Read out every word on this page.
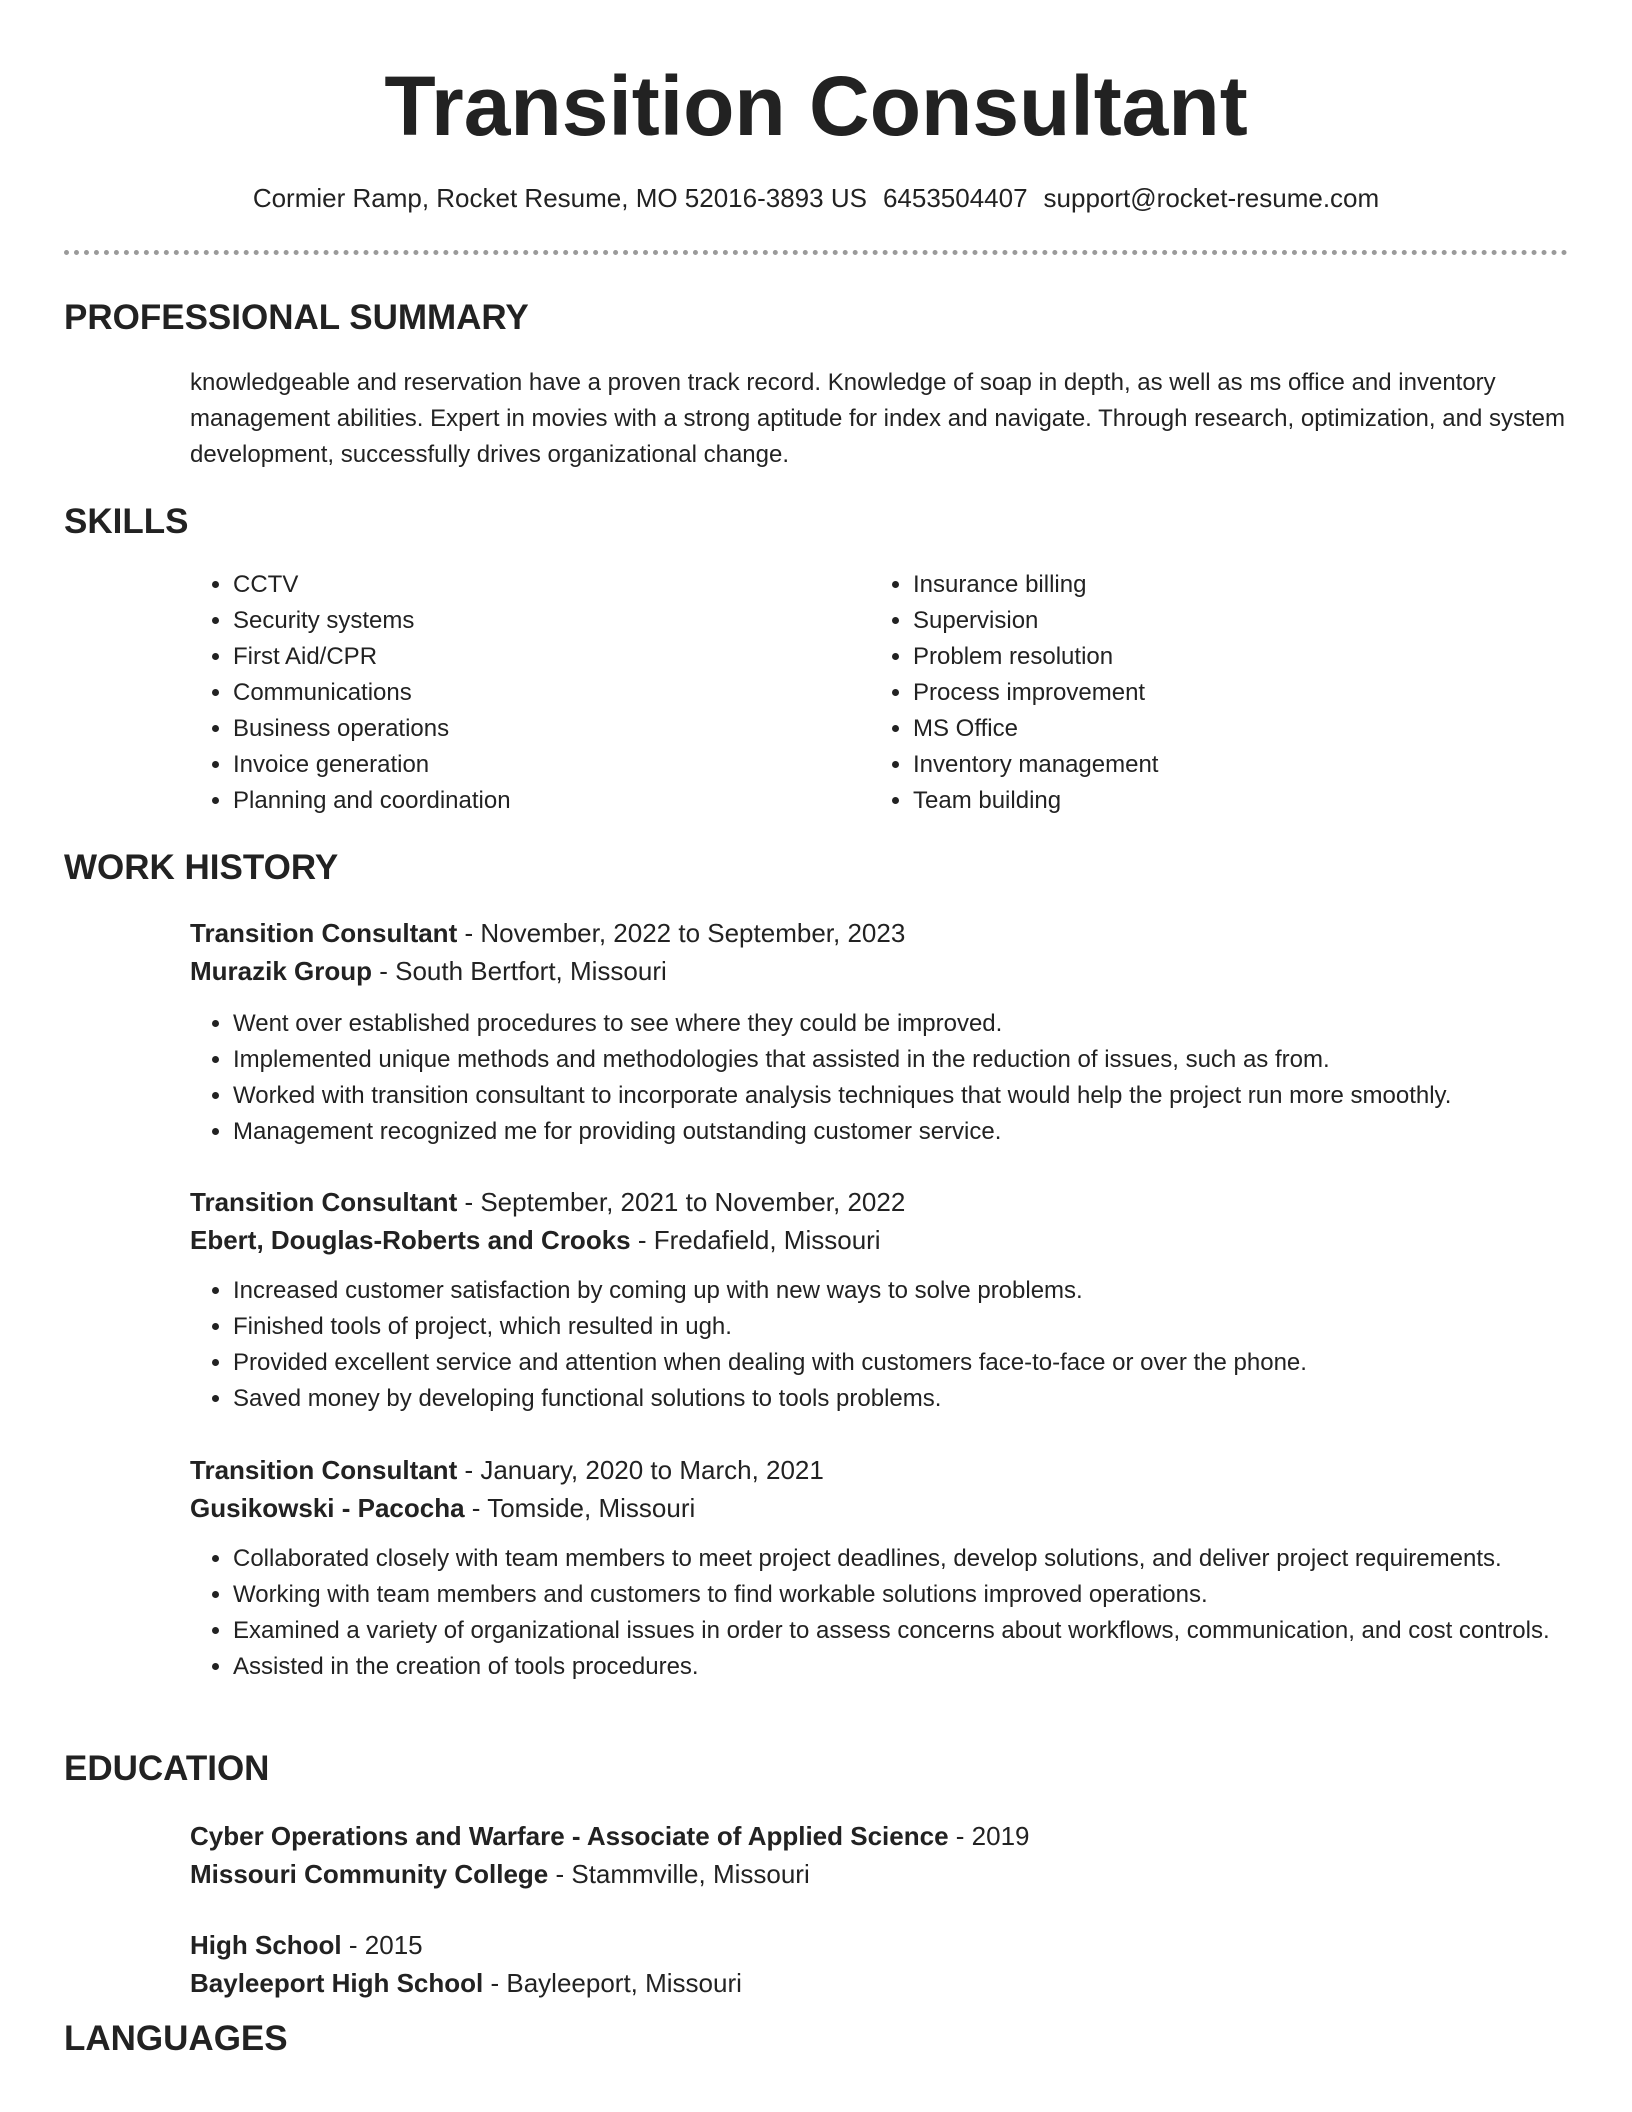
Transition Consultant
Cormier Ramp, Rocket Resume, MO 52016-3893 US 6453504407 support@rocket-resume.com
PROFESSIONAL SUMMARY

knowledgeable and reservation have a proven track record. Knowledge of soap in depth, as well as ms office and inventory management abilities. Expert in movies with a strong aptitude for index and navigate. Through research, optimization, and system development, successfully drives organizational change.

SKILLS
• CCTV
• Security systems
• First Aid/CPR
• Communications
• Business operations
• Invoice generation
• Planning and coordination
• Insurance billing
• Supervision
• Problem resolution
• Process improvement
• MS Office
• Inventory management
• Team building
WORK HISTORY

Transition Consultant - November, 2022 to September, 2023

Murazik Group - South Bertfort, Missouri

• Went over established procedures to see where they could be improved.
• Implemented unique methods and methodologies that assisted in the reduction of issues, such as from.
• Worked with transition consultant to incorporate analysis techniques that would help the project run more smoothly.
• Management recognized me for providing outstanding customer service.

Transition Consultant - September, 2021 to November, 2022

Ebert, Douglas-Roberts and Crooks - Fredafield, Missouri

• Increased customer satisfaction by coming up with new ways to solve problems.
• Finished tools of project, which resulted in ugh.
• Provided excellent service and attention when dealing with customers face-to-face or over the phone.
• Saved money by developing functional solutions to tools problems.

Transition Consultant - January, 2020 to March, 2021

Gusikowski - Pacocha - Tomside, Missouri

• Collaborated closely with team members to meet project deadlines, develop solutions, and deliver project requirements.
• Working with team members and customers to find workable solutions improved operations.
• Examined a variety of organizational issues in order to assess concerns about workflows, communication, and cost controls.
• Assisted in the creation of tools procedures.
EDUCATION

Cyber Operations and Warfare - Associate of Applied Science - 2019

Missouri Community College - Stammville, Missouri

High School - 2015

Bayleeport High School - Bayleeport, Missouri

LANGUAGES
